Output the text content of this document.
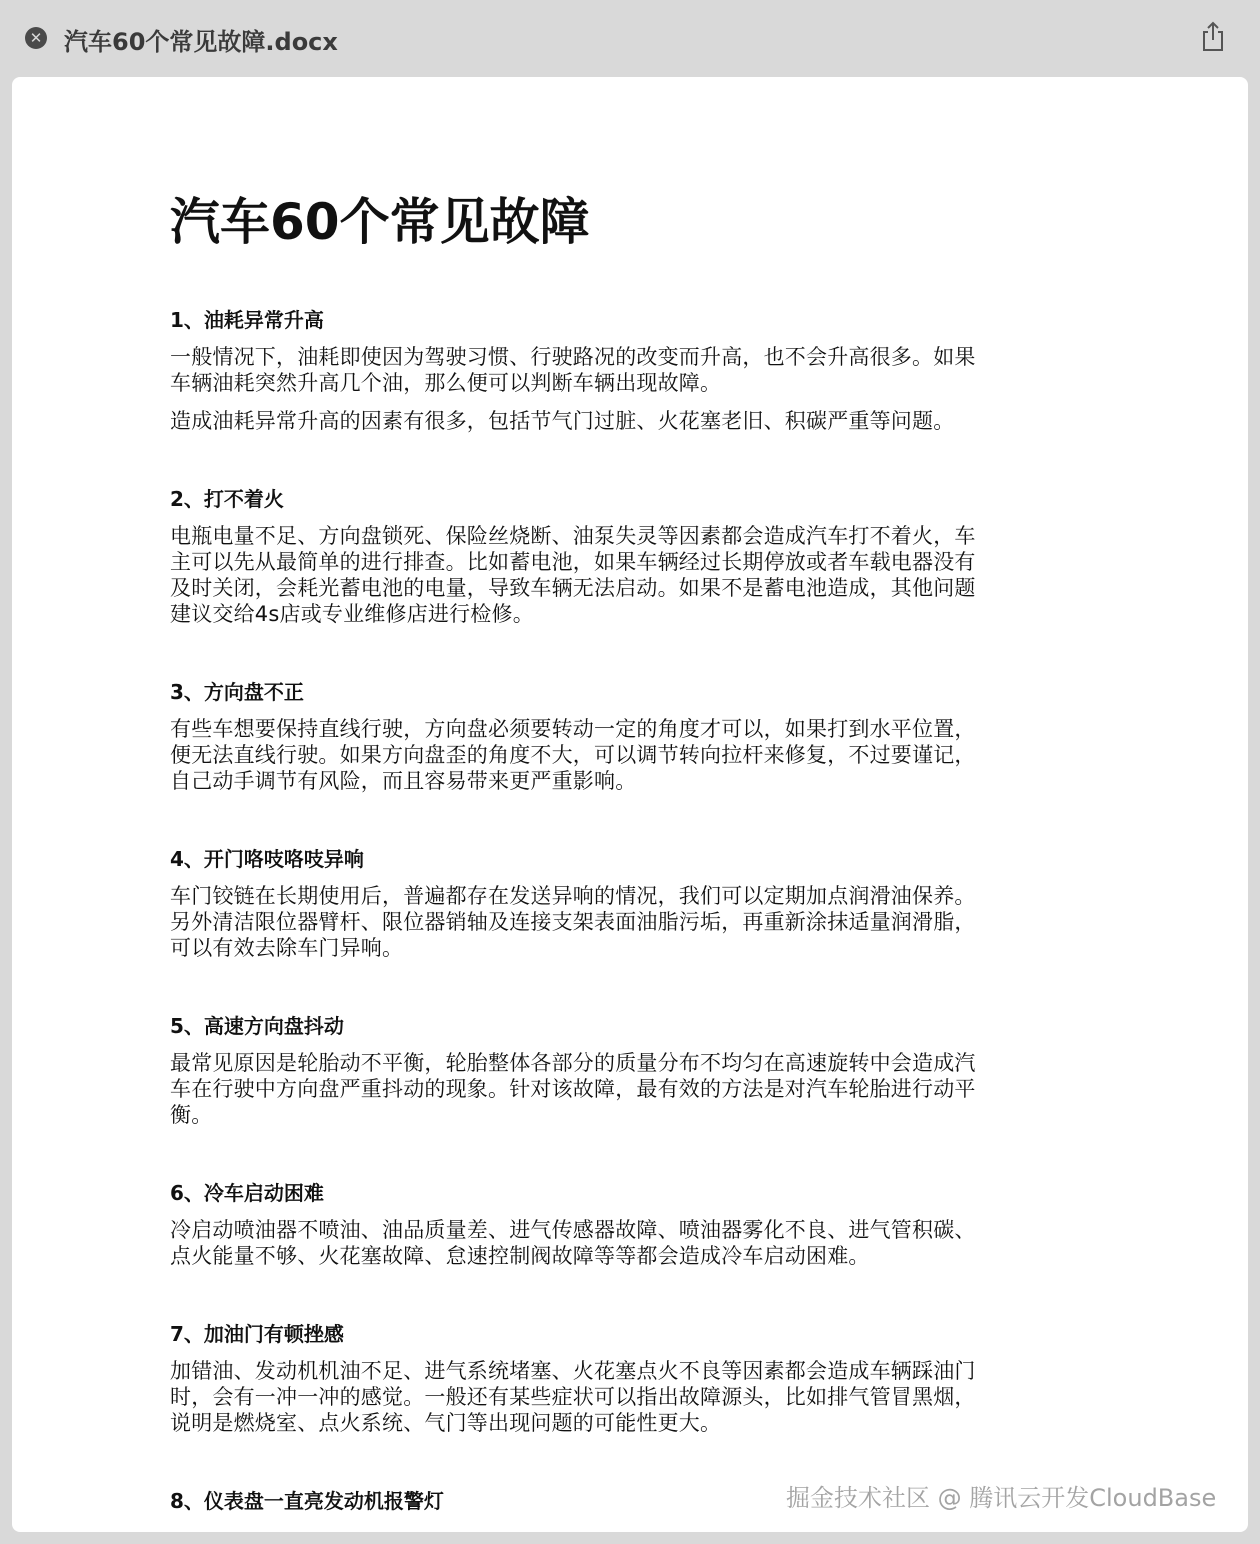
✕ 汽车60个常见故障.docx
汽车60个常见故障
1、油耗异常升高

一般情况下，油耗即使因为驾驶习惯、行驶路况的改变而升高，也不会升高很多。如果车辆油耗突然升高几个油，那么便可以判断车辆出现故障。

造成油耗异常升高的因素有很多，包括节气门过脏、火花塞老旧、积碳严重等问题。

2、打不着火

电瓶电量不足、方向盘锁死、保险丝烧断、油泵失灵等因素都会造成汽车打不着火，车主可以先从最简单的进行排查。比如蓄电池，如果车辆经过长期停放或者车载电器没有及时关闭，会耗光蓄电池的电量，导致车辆无法启动。如果不是蓄电池造成，其他问题建议交给4s店或专业维修店进行检修。

3、方向盘不正

有些车想要保持直线行驶，方向盘必须要转动一定的角度才可以，如果打到水平位置，便无法直线行驶。如果方向盘歪的角度不大，可以调节转向拉杆来修复，不过要谨记，自己动手调节有风险，而且容易带来更严重影响。

4、开门咯吱咯吱异响

车门铰链在长期使用后，普遍都存在发送异响的情况，我们可以定期加点润滑油保养。另外清洁限位器臂杆、限位器销轴及连接支架表面油脂污垢，再重新涂抹适量润滑脂，可以有效去除车门异响。

5、高速方向盘抖动

最常见原因是轮胎动不平衡，轮胎整体各部分的质量分布不均匀在高速旋转中会造成汽车在行驶中方向盘严重抖动的现象。针对该故障，最有效的方法是对汽车轮胎进行动平衡。

6、冷车启动困难

冷启动喷油器不喷油、油品质量差、进气传感器故障、喷油器雾化不良、进气管积碳、点火能量不够、火花塞故障、怠速控制阀故障等等都会造成冷车启动困难。

7、加油门有顿挫感

加错油、发动机机油不足、进气系统堵塞、火花塞点火不良等因素都会造成车辆踩油门时，会有一冲一冲的感觉。一般还有某些症状可以指出故障源头，比如排气管冒黑烟，说明是燃烧室、点火系统、气门等出现问题的可能性更大。

8、仪表盘一直亮发动机报警灯	掘金技术社区 @ 腾讯云开发CloudBase
